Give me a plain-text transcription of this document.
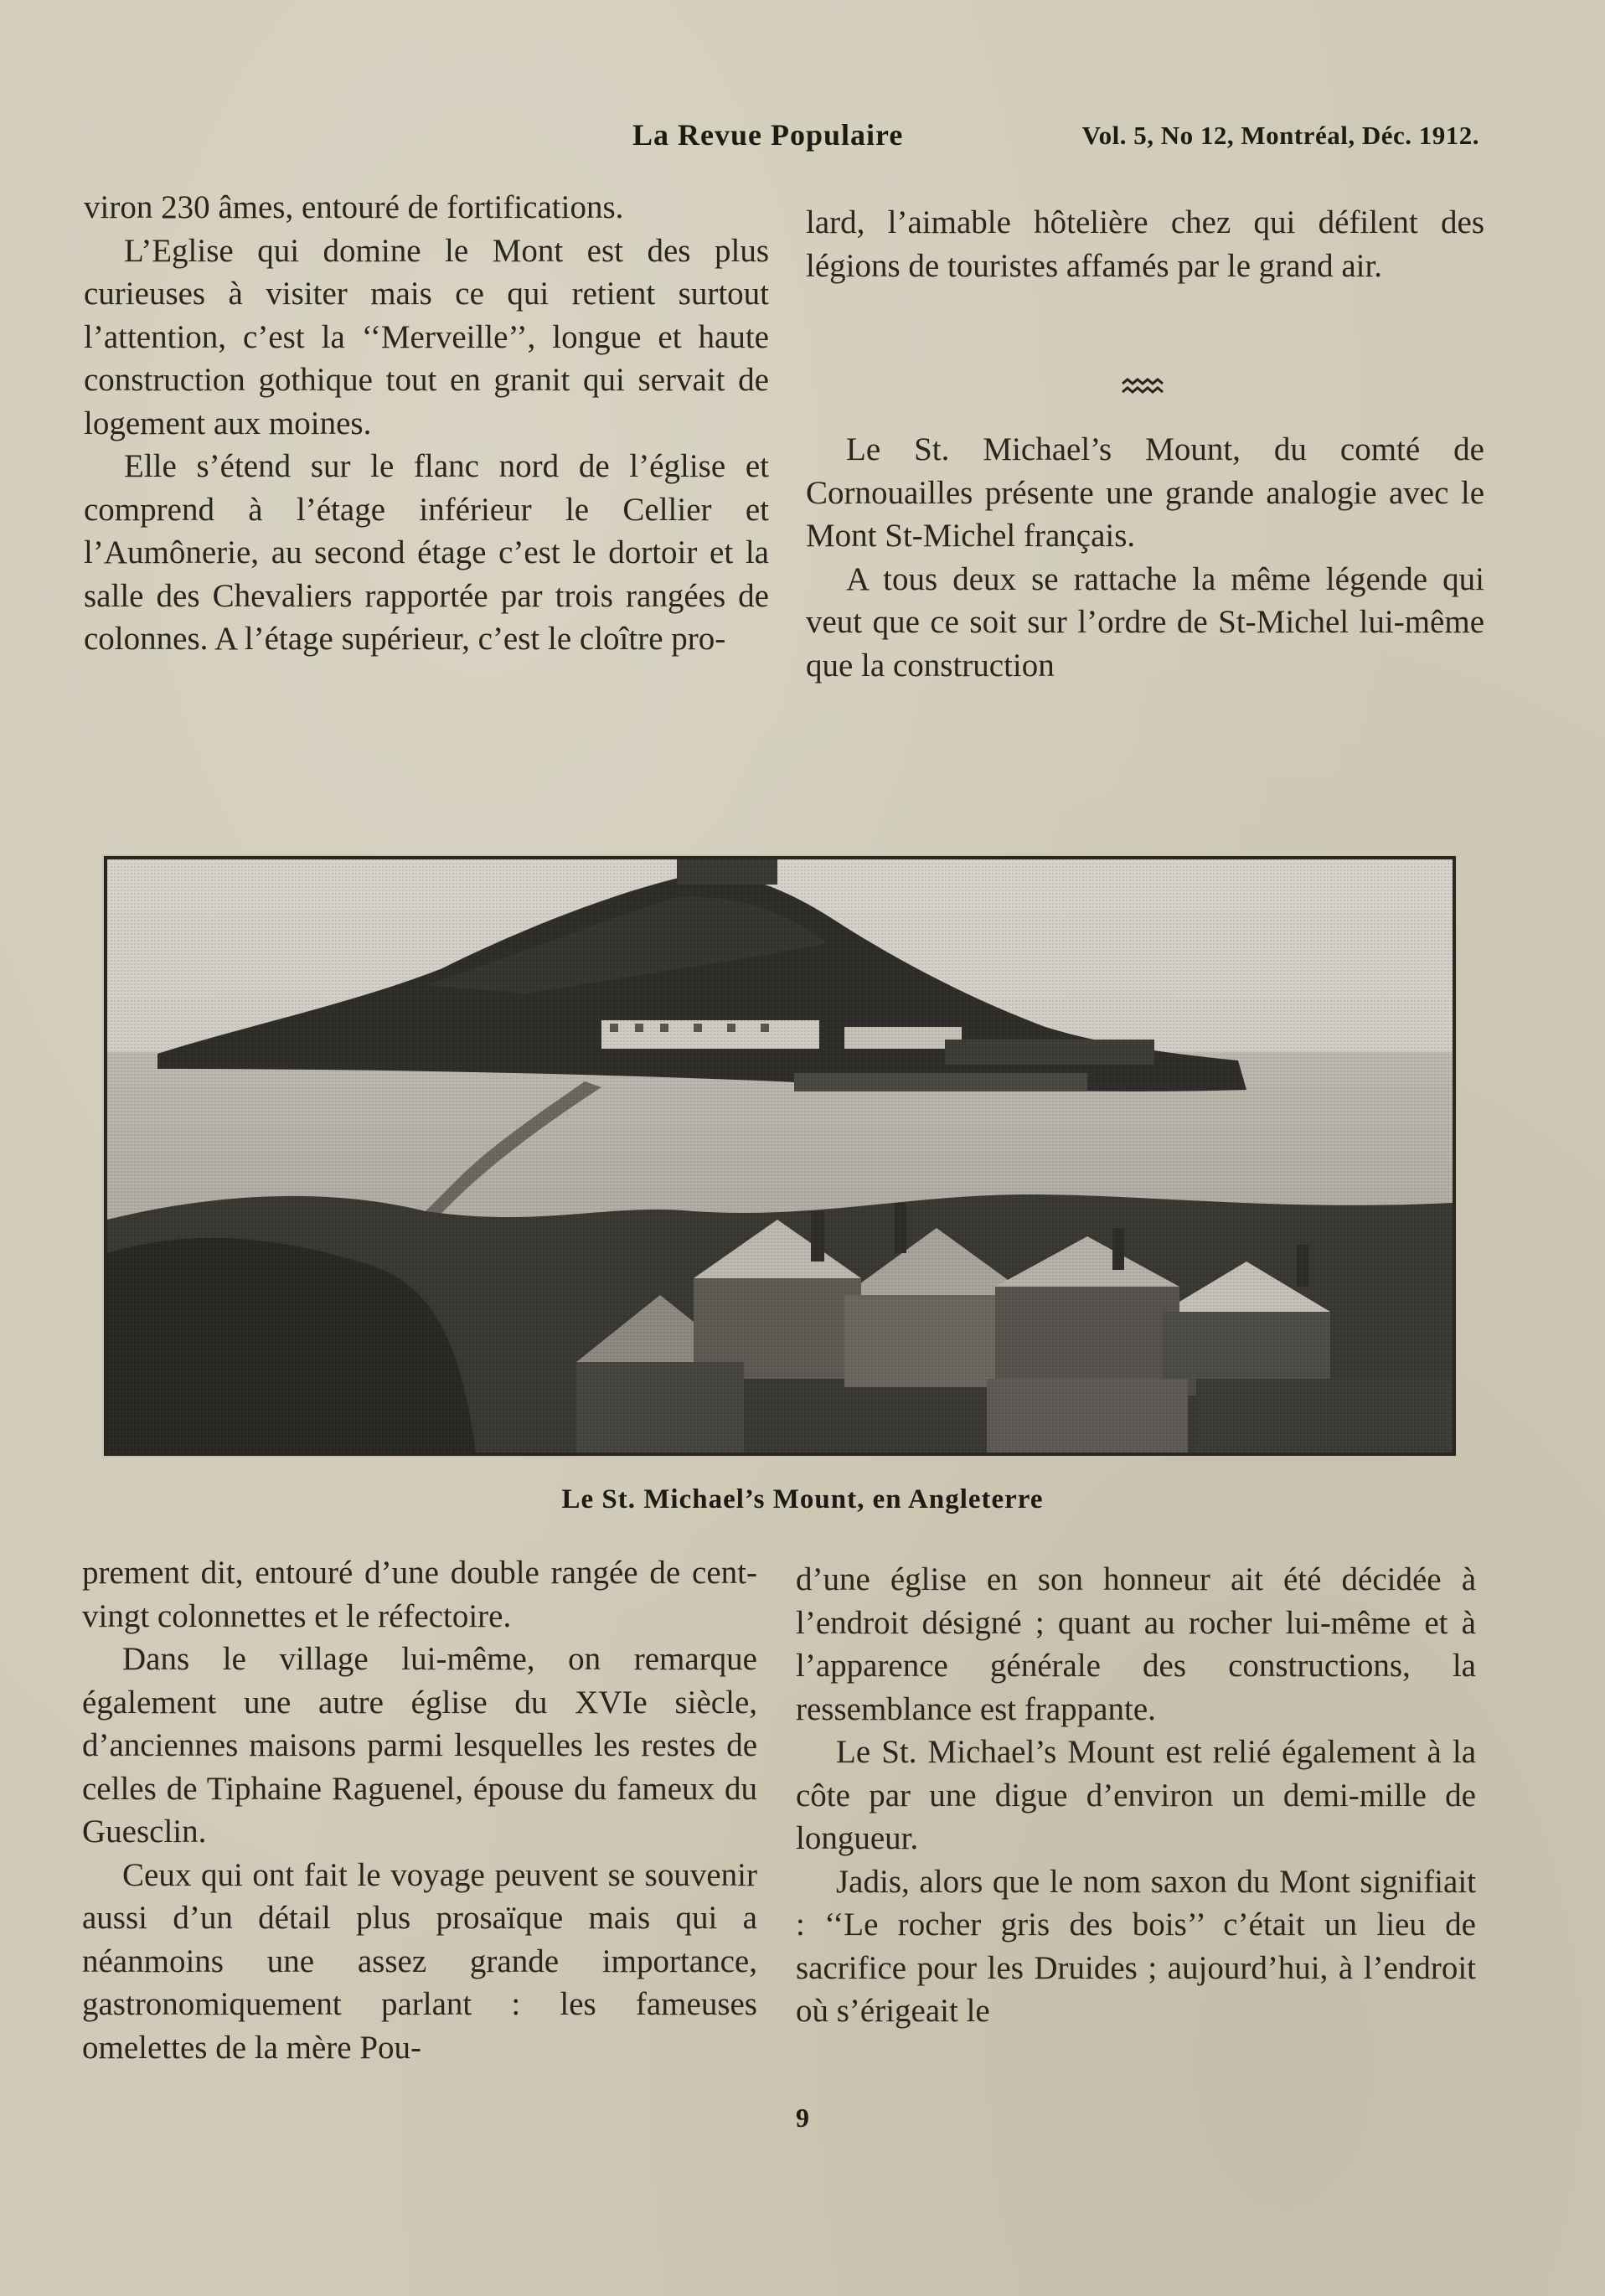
La Revue Populaire	Vol. 5, No 12, Montréal, Déc. 1912.

viron 230 âmes, entouré de fortifications.

L’Eglise qui domine le Mont est des plus curieuses à visiter mais ce qui retient surtout l’attention, c’est la ‘‘Merveille’’, longue et haute construction gothique tout en granit qui servait de logement aux moines.

Elle s’étend sur le flanc nord de l’église et comprend à l’étage inférieur le Cellier et l’Aumônerie, au second étage c’est le dortoir et la salle des Chevaliers rapportée par trois rangées de colonnes. A l’étage supérieur, c’est le cloître pro-

lard, l’aimable hôtelière chez qui défilent des légions de touristes affamés par le grand air.

Le St. Michael’s Mount, du comté de Cornouailles présente une grande analogie avec le Mont St-Michel français.

A tous deux se rattache la même légende qui veut que ce soit sur l’ordre de St-Michel lui-même que la construction

Le St. Michael’s Mount, en Angleterre

prement dit, entouré d’une double rangée de cent-vingt colonnettes et le réfectoire.

Dans le village lui-même, on remarque également une autre église du XVIe siècle, d’anciennes maisons parmi lesquelles les restes de celles de Tiphaine Raguenel, épouse du fameux du Guesclin.

Ceux qui ont fait le voyage peuvent se souvenir aussi d’un détail plus prosaïque mais qui a néanmoins une assez grande importance, gastronomiquement parlant : les fameuses omelettes de la mère Pou-

d’une église en son honneur ait été décidée à l’endroit désigné ; quant au rocher lui-même et à l’apparence générale des constructions, la ressemblance est frappante.

Le St. Michael’s Mount est relié également à la côte par une digue d’environ un demi-mille de longueur.

Jadis, alors que le nom saxon du Mont signifiait : ‘‘Le rocher gris des bois’’ c’était un lieu de sacrifice pour les Druides ; aujourd’hui, à l’endroit où s’érigeait le

9
